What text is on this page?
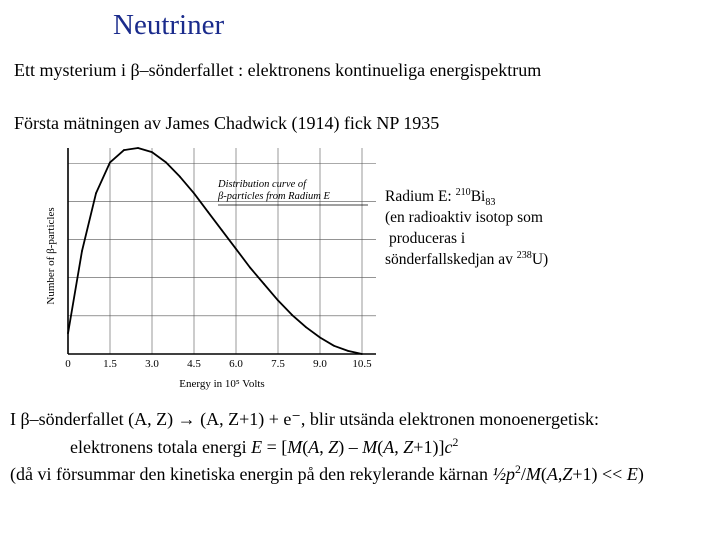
Neutriner
Ett mysterium i β–sönderfallet : elektronens kontinueliga energispektrum
Första mätningen av James Chadwick (1914) fick NP 1935
0	1.5	3.0	4.5	6.0	7.5	9.0 10.5
Distribution curve of
β-particles from Radium E
Energy in 10⁵ Volts
Number of β-particles
Radium E: $^{210}Bi_{83}$
(en radioaktiv isotop som
produceras i
sönderfallskedjan av $^{238}$U)
I β–sönderfallet (A, Z) → (A, Z+1) + e⁻, blir utsända elektronen monoenergetisk:
elektronens totala energi E = [M(A, Z) – M(A, $Z+1)]c^2$
(då vi försummar den kinetiska energin på den rekylerande kärnan $\frac{1}{2}p^2/M(A,Z+1) << E$)
